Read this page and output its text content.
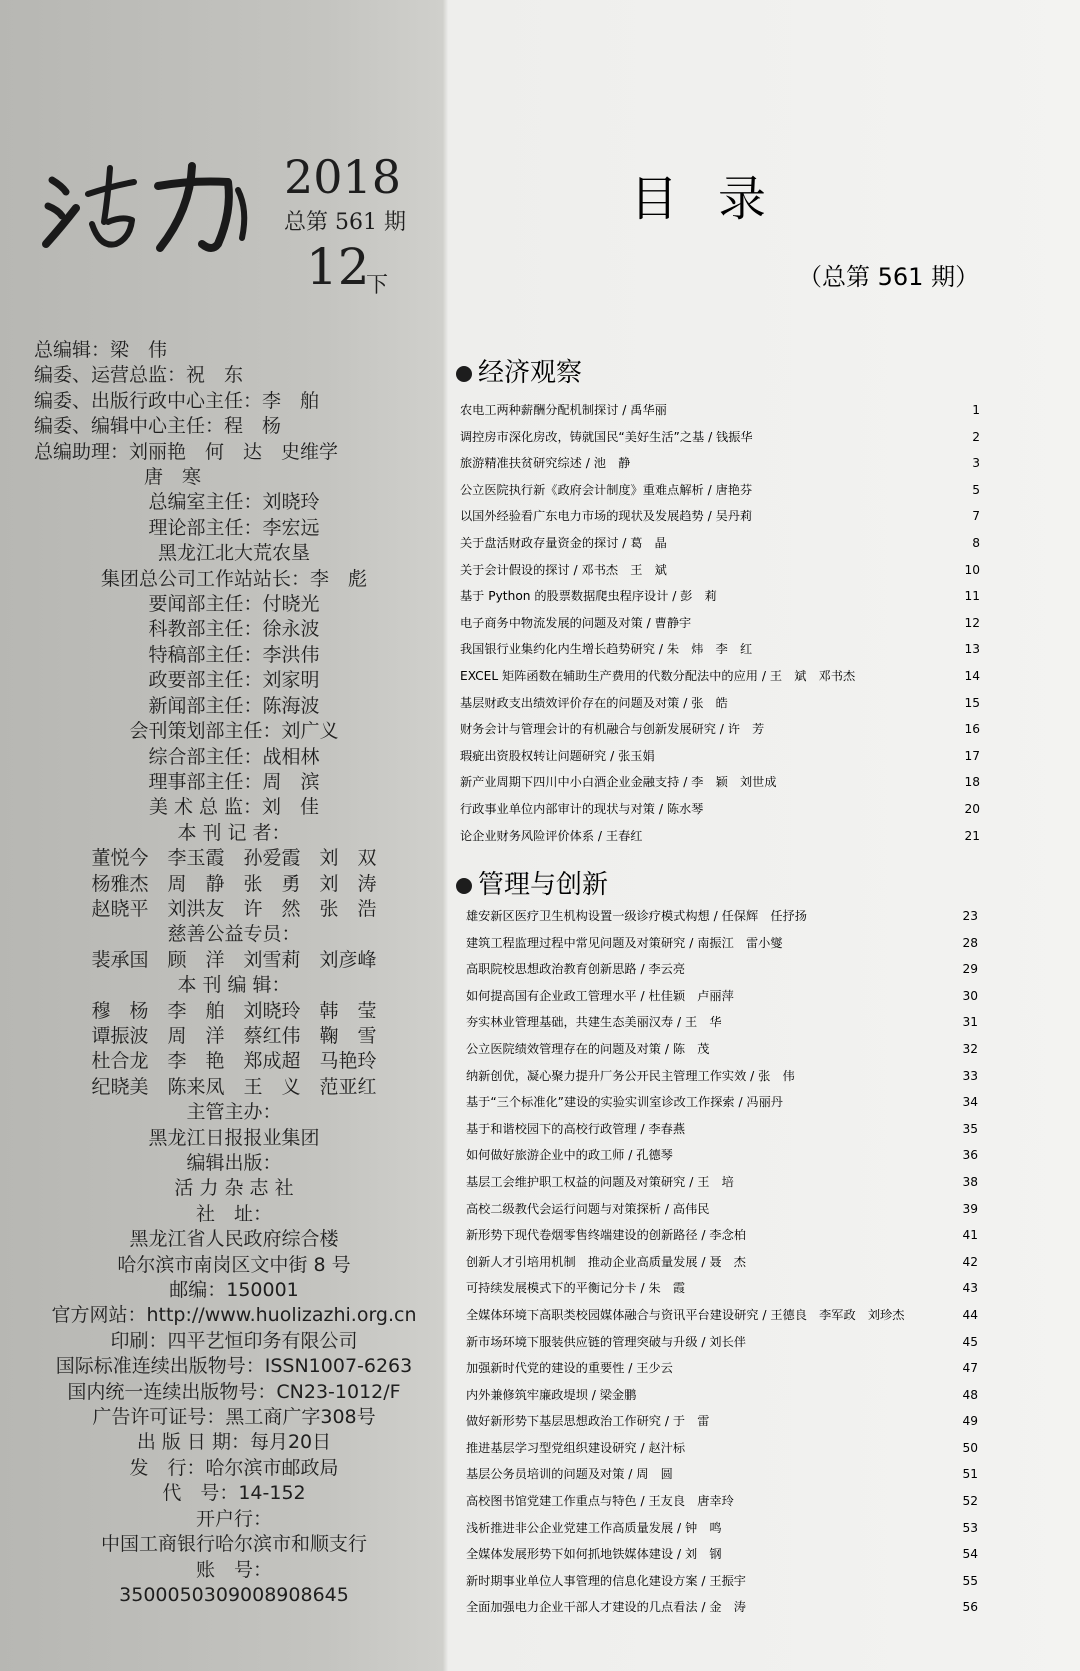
2018
总第 561 期
12
下
总编辑：梁　伟
编委、运营总监：祝　东
编委、出版行政中心主任：李　舶
编委、编辑中心主任：程　杨
总编助理：刘丽艳　何　达　史维学
唐　寒
总编室主任：刘晓玲
理论部主任：李宏远
黑龙江北大荒农垦
集团总公司工作站站长：李　彪
要闻部主任：付晓光
科教部主任：徐永波
特稿部主任：李洪伟
政要部主任：刘家明
新闻部主任：陈海波
会刊策划部主任：刘广义
综合部主任：战相林
理事部主任：周　滨
美 术 总 监：刘　佳
本 刊 记 者：
董悦今　李玉霞　孙爱霞　刘　双
杨雅杰　周　静　张　勇　刘　涛
赵晓平　刘洪友　许　然　张　浩
慈善公益专员：
裴承国　顾　洋　刘雪莉　刘彦峰
本 刊 编 辑：
穆　杨　李　舶　刘晓玲　韩　莹
谭振波　周　洋　蔡红伟　鞠　雪
杜合龙　李　艳　郑成超　马艳玲
纪晓美　陈来凤　王　义　范亚红
主管主办：
黑龙江日报报业集团
编辑出版：
活 力 杂 志 社
社　址：
黑龙江省人民政府综合楼
哈尔滨市南岗区文中街 8 号
邮编：150001
官方网站：http://www.huolizazhi.org.cn
印刷：四平艺恒印务有限公司
国际标准连续出版物号：ISSN1007-6263
国内统一连续出版物号：CN23-1012/F
广告许可证号：黑工商广字308号
出 版 日 期：每月20日
发　行：哈尔滨市邮政局
代　号：14-152
开户行：
中国工商银行哈尔滨市和顺支行
账　号：
3500050309008908645
目录
（总第 561 期）
经济观察
农电工两种薪酬分配机制探讨 / 禹华丽	1
调控房市深化房改，铸就国民“美好生活”之基 / 钱振华	2
旅游精准扶贫研究综述 / 池　静	3
公立医院执行新《政府会计制度》重难点解析 / 唐艳芬	5
以国外经验看广东电力市场的现状及发展趋势 / 吴丹莉	7
关于盘活财政存量资金的探讨 / 葛　晶	8
关于会计假设的探讨 / 邓书杰　王　斌	10
基于 Python 的股票数据爬虫程序设计 / 彭　莉	11
电子商务中物流发展的问题及对策 / 曹静宇	12
我国银行业集约化内生增长趋势研究 / 朱　炜　李　红	13
EXCEL 矩阵函数在辅助生产费用的代数分配法中的应用 / 王　斌　邓书杰	14
基层财政支出绩效评价存在的问题及对策 / 张　皓	15
财务会计与管理会计的有机融合与创新发展研究 / 许　芳	16
瑕疵出资股权转让问题研究 / 张玉娟	17
新产业周期下四川中小白酒企业金融支持 / 李　颖　刘世成	18
行政事业单位内部审计的现状与对策 / 陈水琴	20
论企业财务风险评价体系 / 王春红	21
管理与创新
雄安新区医疗卫生机构设置一级诊疗模式构想 / 任保辉　任抒扬	23
建筑工程监理过程中常见问题及对策研究 / 南振江　雷小燮	28
高职院校思想政治教育创新思路 / 李云亮	29
如何提高国有企业政工管理水平 / 杜佳颖　卢丽萍	30
夯实林业管理基础，共建生态美丽汉寿 / 王　华	31
公立医院绩效管理存在的问题及对策 / 陈　茂	32
纳新创优，凝心聚力提升厂务公开民主管理工作实效 / 张　伟	33
基于“三个标准化”建设的实验实训室诊改工作探索 / 冯丽丹	34
基于和谐校园下的高校行政管理 / 李春燕	35
如何做好旅游企业中的政工师 / 孔德琴	36
基层工会维护职工权益的问题及对策研究 / 王　培	38
高校二级教代会运行问题与对策探析 / 高伟民	39
新形势下现代卷烟零售终端建设的创新路径 / 李念柏	41
创新人才引培用机制　推动企业高质量发展 / 聂　杰	42
可持续发展模式下的平衡记分卡 / 朱　霞	43
全媒体环境下高职类校园媒体融合与资讯平台建设研究 / 王德良　李军政　刘珍杰	44
新市场环境下服装供应链的管理突破与升级 / 刘长伴	45
加强新时代党的建设的重要性 / 王少云	47
内外兼修筑牢廉政堤坝 / 梁金鹏	48
做好新形势下基层思想政治工作研究 / 于　雷	49
推进基层学习型党组织建设研究 / 赵汁标	50
基层公务员培训的问题及对策 / 周　圆	51
高校图书馆党建工作重点与特色 / 王友良　唐幸玲	52
浅析推进非公企业党建工作高质量发展 / 钟　鸣	53
全媒体发展形势下如何抓地铁媒体建设 / 刘　钢	54
新时期事业单位人事管理的信息化建设方案 / 王振宇	55
全面加强电力企业干部人才建设的几点看法 / 金　涛	56
